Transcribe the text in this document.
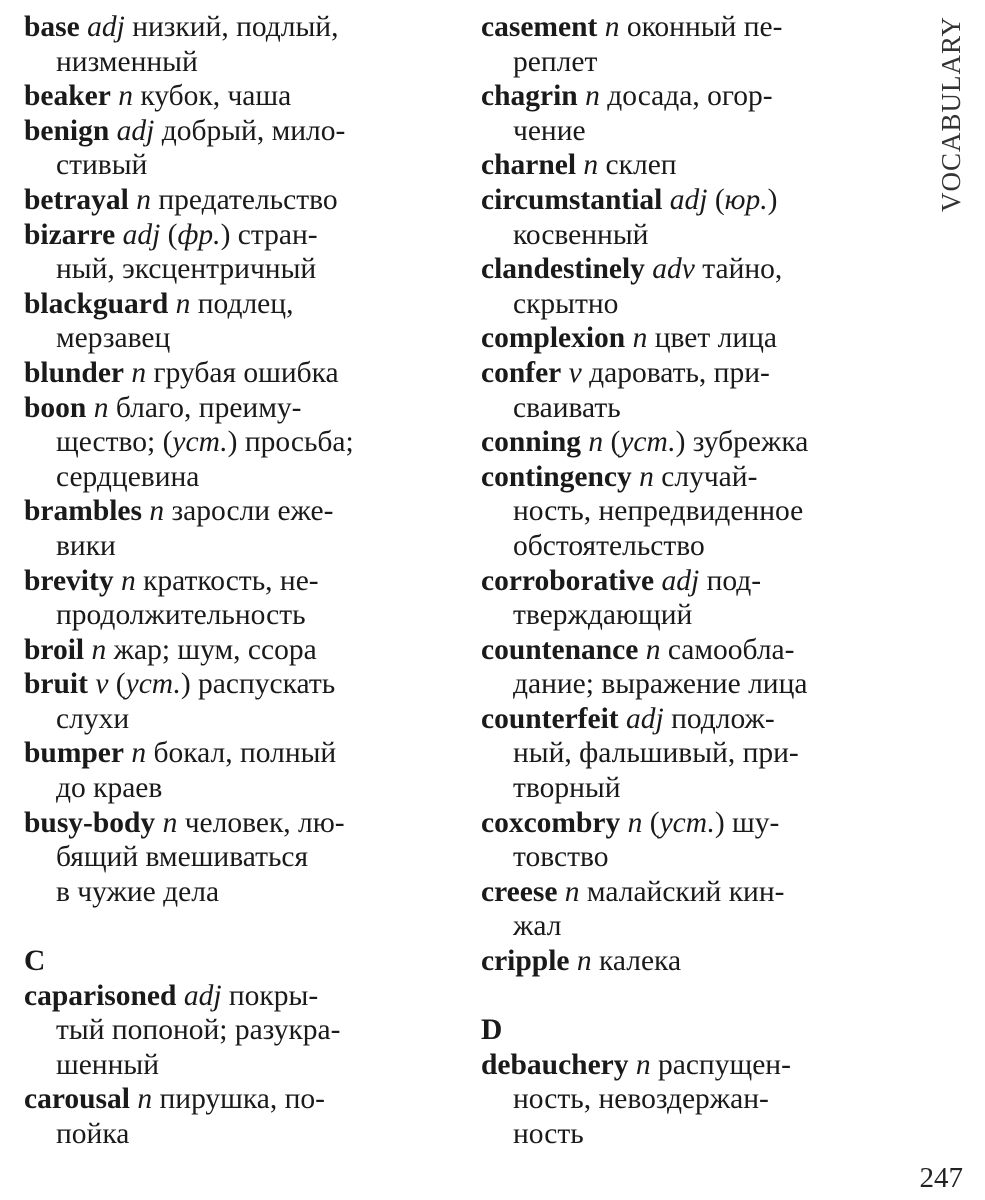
base adj низкий, подлый,
низменный

beaker n кубок, чаша

benign adj добрый, мило-
стивый

betrayal n предательство

bizarre adj (фр.) стран-
ный, эксцентричный

blackguard n подлец,
мерзавец

blunder n грубая ошибка

boon n благо, преиму-
щество; (уст.) просьба;
сердцевина

brambles n заросли еже-
вики

brevity n краткость, не-
продолжительность

broil n жар; шум, ссора

bruit v (уст.) распускать
слухи

bumper n бокал, полный
до краев

busy-body n человек, лю-
бящий вмешиваться
в чужие дела

C

caparisoned adj покры-
тый попоной; разукра-
шенный

carousal n пирушка, по-
пойка

casement n оконный пе-
реплет

chagrin n досада, огор-
чение

charnel n склеп

circumstantial adj (юр.)
косвенный

clandestinely adv тайно,
скрытно

complexion n цвет лица

confer v даровать, при-
сваивать

conning n (уст.) зубрежка

contingency n случай-
ность, непредвиденное
обстоятельство

corroborative adj под-
тверждающий

countenance n самообла-
дание; выражение лица

counterfeit adj подлож-
ный, фальшивый, при-
творный

coxcombry n (уст.) шу-
товство

creese n малайский кин-
жал

cripple n калека

D

debauchery n распущен-
ность, невоздержан-
ность

VOCABULARY
247
